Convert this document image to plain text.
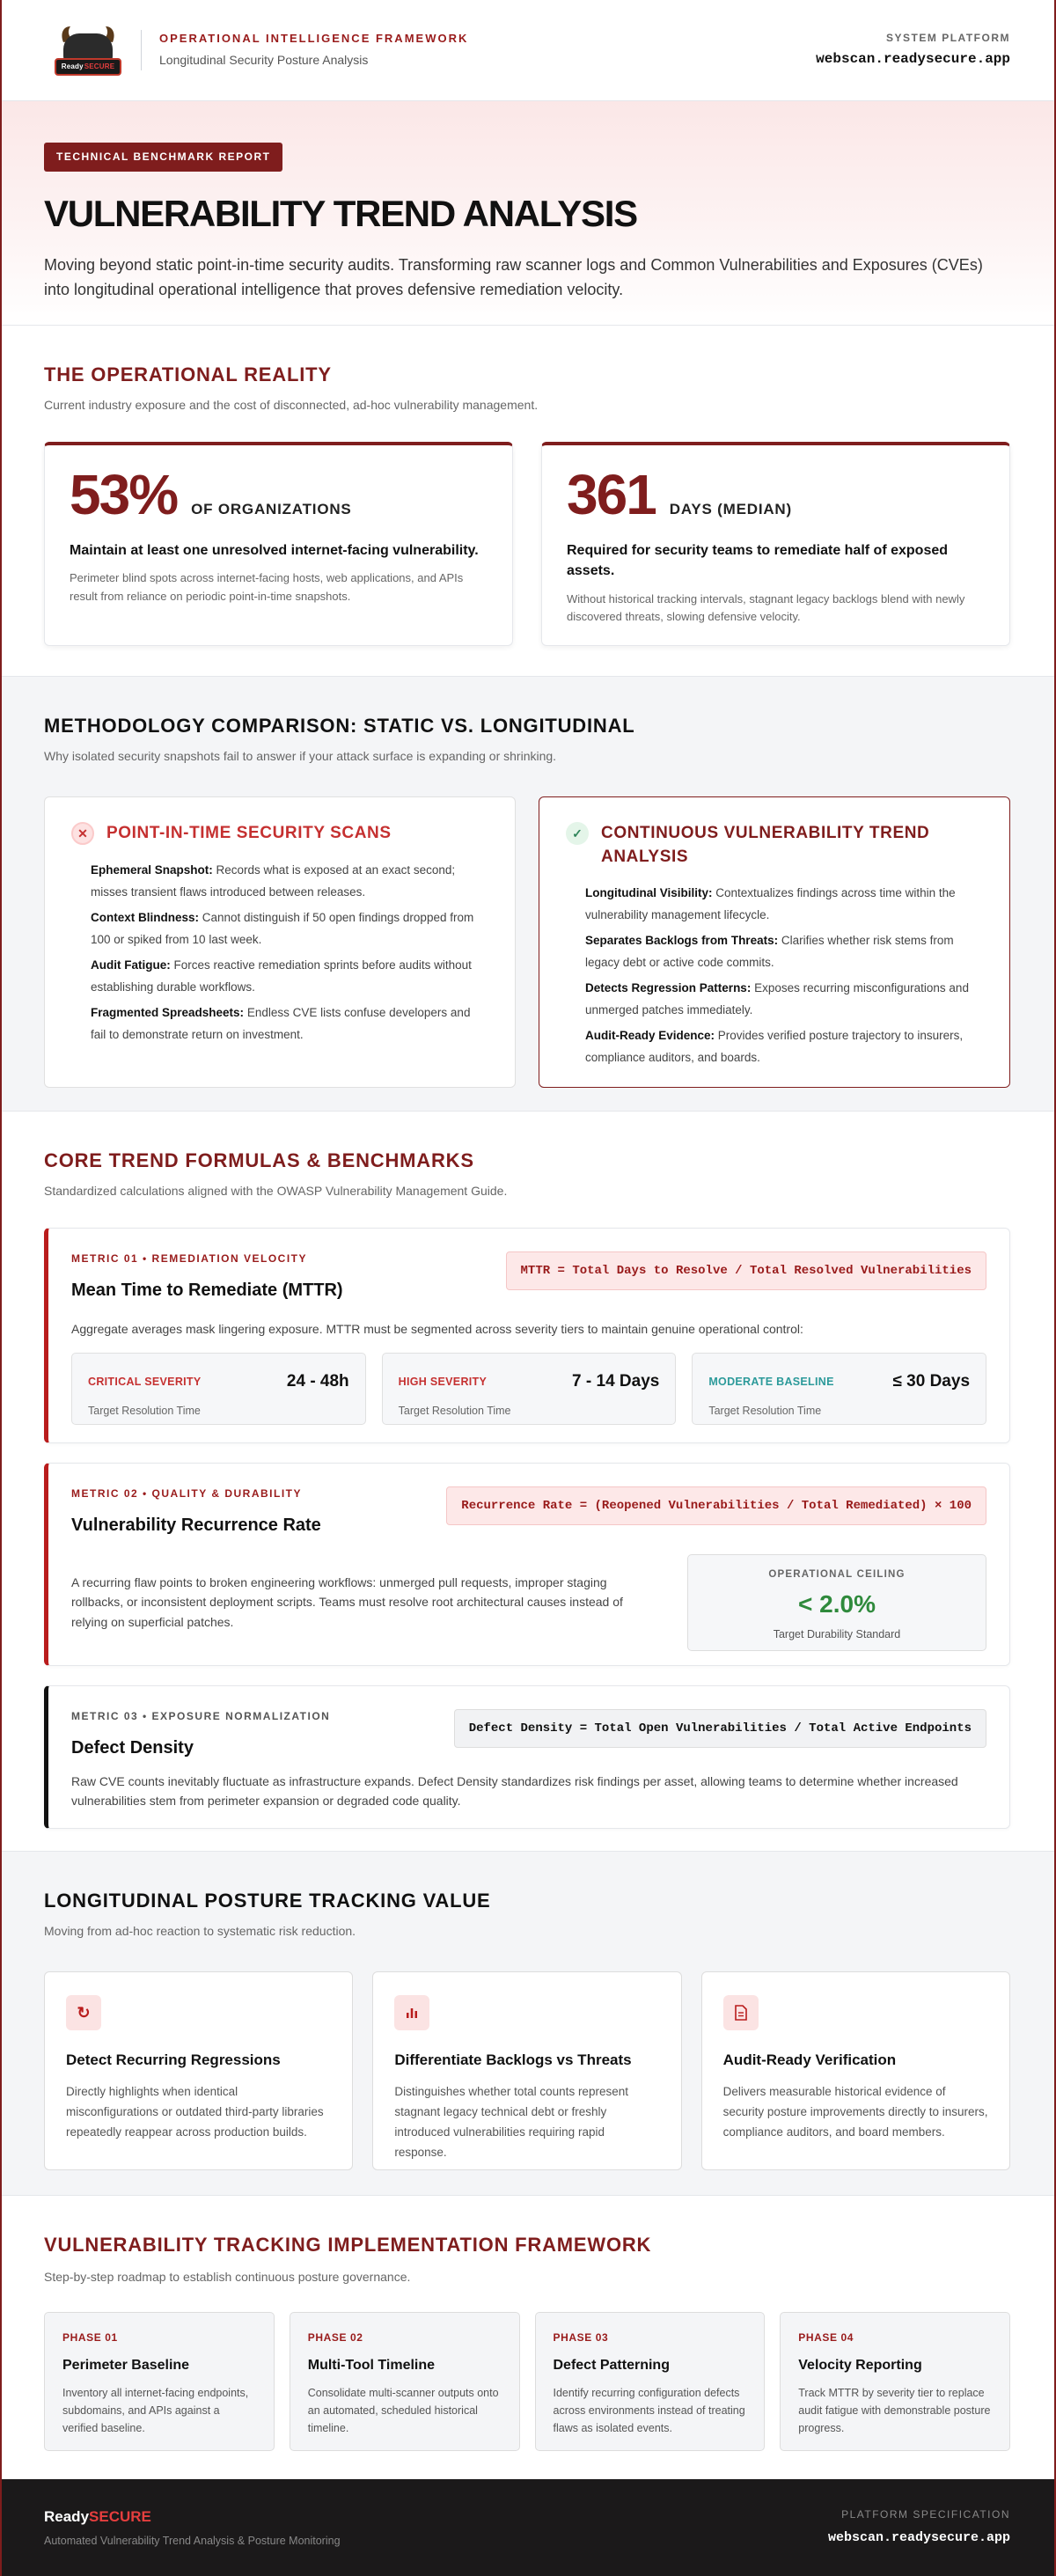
Ready SECURE
OPERATIONAL INTELLIGENCE FRAMEWORK
Longitudinal Security Posture Analysis
SYSTEM PLATFORM
webscan.readysecure.app
TECHNICAL BENCHMARK REPORT
VULNERABILITY TREND ANALYSIS

Moving beyond static point-in-time security audits. Transforming raw scanner logs and Common Vulnerabilities and Exposures (CVEs) into longitudinal operational intelligence that proves defensive remediation velocity.

THE OPERATIONAL REALITY
Current industry exposure and the cost of disconnected, ad-hoc vulnerability management.
53% OF ORGANIZATIONS
Maintain at least one unresolved internet-facing vulnerability.
Perimeter blind spots across internet-facing hosts, web applications, and APIs result from reliance on periodic point-in-time snapshots.
361 DAYS (MEDIAN)
Required for security teams to remediate half of exposed assets.
Without historical tracking intervals, stagnant legacy backlogs blend with newly discovered threats, slowing defensive velocity.
METHODOLOGY COMPARISON: STATIC VS. LONGITUDINAL
Why isolated security snapshots fail to answer if your attack surface is expanding or shrinking.
✕	POINT-IN-TIME SECURITY SCANS
Ephemeral Snapshot: Records what is exposed at an exact second; misses transient flaws introduced between releases.
Context Blindness: Cannot distinguish if 50 open findings dropped from 100 or spiked from 10 last week.
Audit Fatigue: Forces reactive remediation sprints before audits without establishing durable workflows.
Fragmented Spreadsheets: Endless CVE lists confuse developers and fail to demonstrate return on investment.
✓	CONTINUOUS VULNERABILITY TREND ANALYSIS
Longitudinal Visibility: Contextualizes findings across time within the vulnerability management lifecycle.
Separates Backlogs from Threats: Clarifies whether risk stems from legacy debt or active code commits.
Detects Regression Patterns: Exposes recurring misconfigurations and unmerged patches immediately.
Audit-Ready Evidence: Provides verified posture trajectory to insurers, compliance auditors, and boards.
CORE TREND FORMULAS & BENCHMARKS
Standardized calculations aligned with the OWASP Vulnerability Management Guide.
METRIC 01 • REMEDIATION VELOCITY
Mean Time to Remediate (MTTR)
MTTR = Total Days to Resolve / Total Resolved Vulnerabilities
Aggregate averages mask lingering exposure. MTTR must be segmented across severity tiers to maintain genuine operational control:
CRITICAL SEVERITY	24 - 48h
Target Resolution Time
HIGH SEVERITY	7 - 14 Days
Target Resolution Time
MODERATE BASELINE	≤ 30 Days
Target Resolution Time
METRIC 02 • QUALITY & DURABILITY
Vulnerability Recurrence Rate
Recurrence Rate = (Reopened Vulnerabilities / Total Remediated) × 100
A recurring flaw points to broken engineering workflows: unmerged pull requests, improper staging rollbacks, or inconsistent deployment scripts. Teams must resolve root architectural causes instead of relying on superficial patches.
OPERATIONAL CEILING
< 2.0%
Target Durability Standard
METRIC 03 • EXPOSURE NORMALIZATION
Defect Density
Defect Density = Total Open Vulnerabilities / Total Active Endpoints
Raw CVE counts inevitably fluctuate as infrastructure expands. Defect Density standardizes risk findings per asset, allowing teams to determine whether increased vulnerabilities stem from perimeter expansion or degraded code quality.
LONGITUDINAL POSTURE TRACKING VALUE
Moving from ad-hoc reaction to systematic risk reduction.
↻
Detect Recurring Regressions
Directly highlights when identical misconfigurations or outdated third-party libraries repeatedly reappear across production builds.
Differentiate Backlogs vs Threats
Distinguishes whether total counts represent stagnant legacy technical debt or freshly introduced vulnerabilities requiring rapid response.
Audit-Ready Verification
Delivers measurable historical evidence of security posture improvements directly to insurers, compliance auditors, and board members.
VULNERABILITY TRACKING IMPLEMENTATION FRAMEWORK
Step-by-step roadmap to establish continuous posture governance.
PHASE 01
Perimeter Baseline
Inventory all internet-facing endpoints, subdomains, and APIs against a verified baseline.
PHASE 02
Multi-Tool Timeline
Consolidate multi-scanner outputs onto an automated, scheduled historical timeline.
PHASE 03
Defect Patterning
Identify recurring configuration defects across environments instead of treating flaws as isolated events.
PHASE 04
Velocity Reporting
Track MTTR by severity tier to replace audit fatigue with demonstrable posture progress.
ReadySECURE
Automated Vulnerability Trend Analysis & Posture Monitoring
PLATFORM SPECIFICATION
webscan.readysecure.app
